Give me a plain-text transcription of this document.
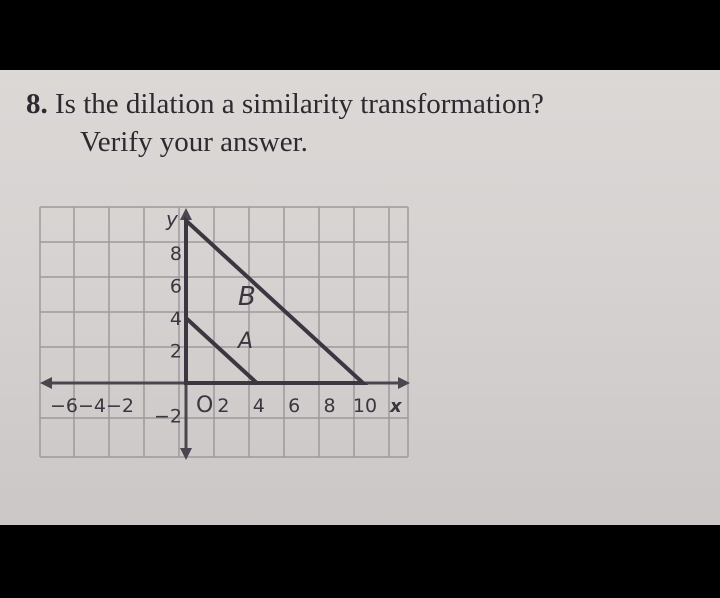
8. Is the dilation a similarity transformation?
Verify your answer.
B
A
y
x
O
−6−4−2	2 4 6 8 10
8
6
4
2
−2
